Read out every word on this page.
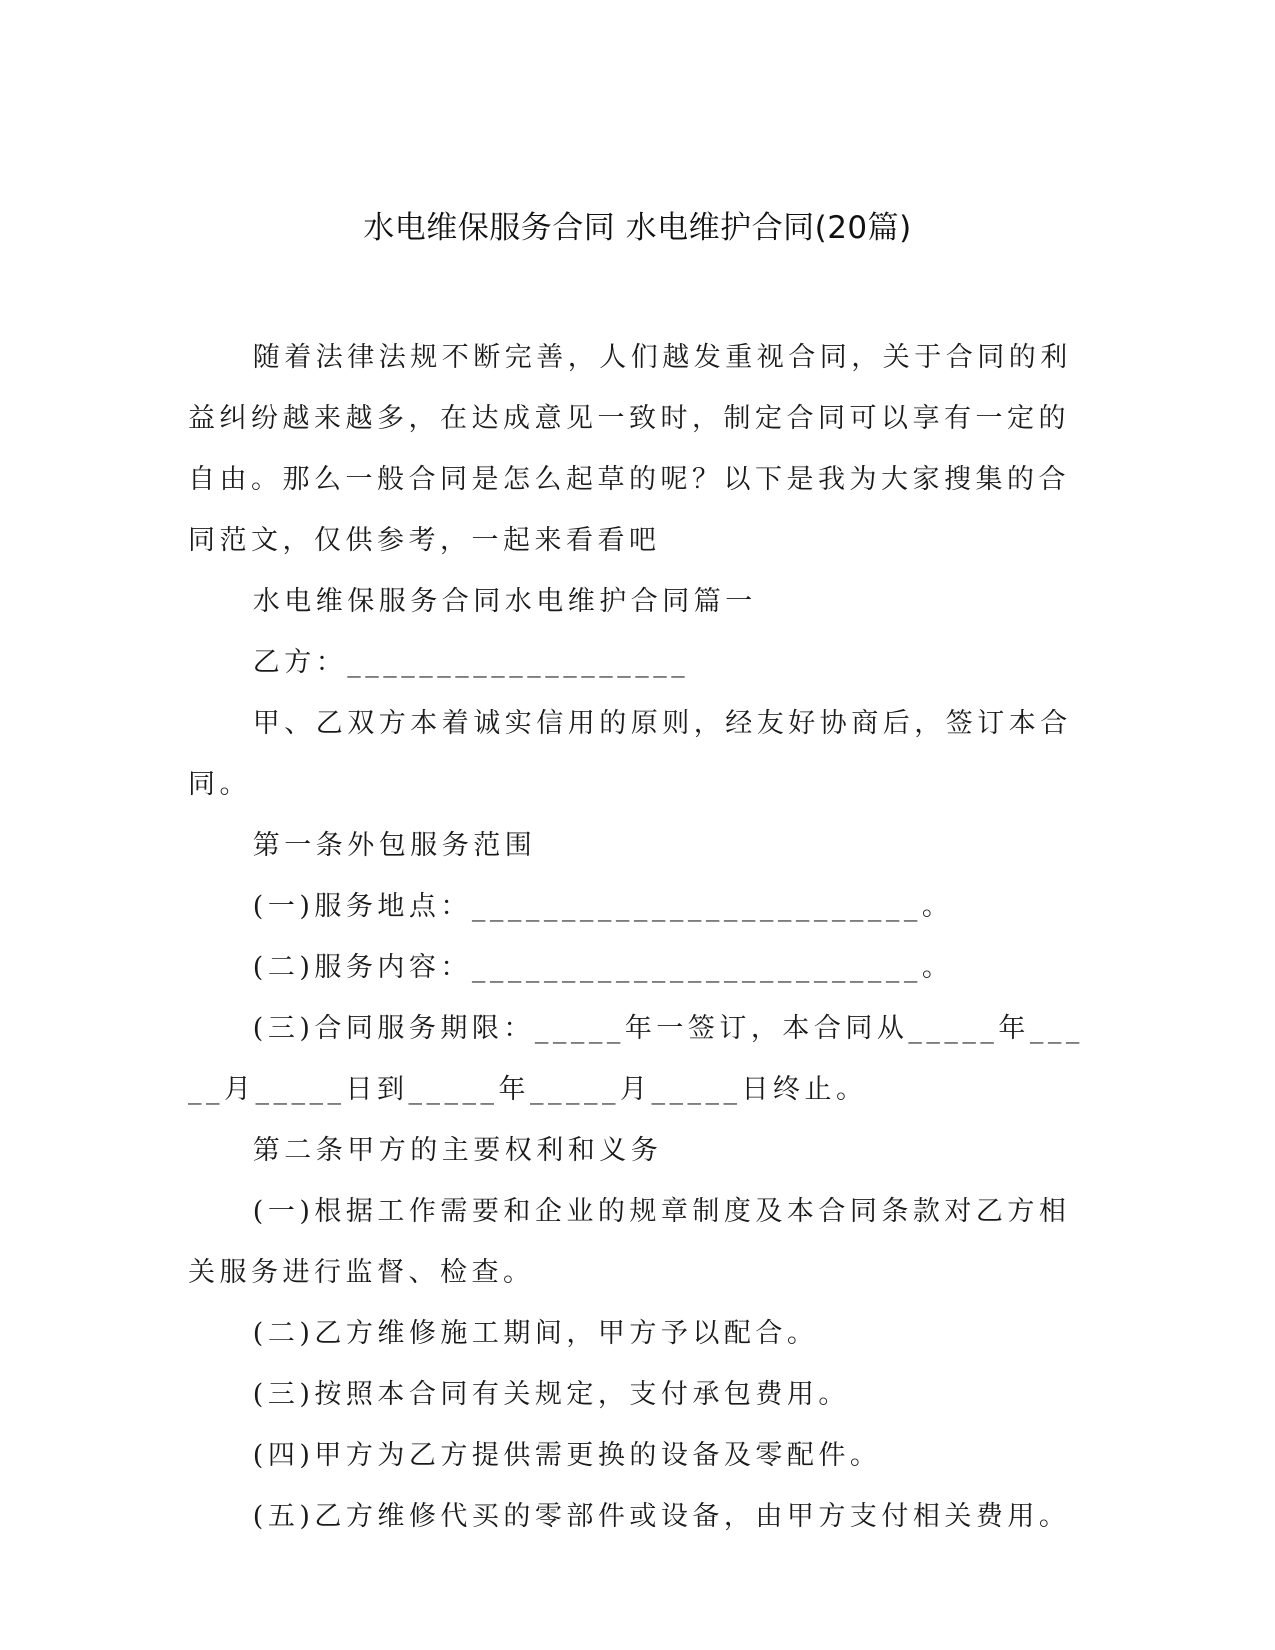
水电维保服务合同 水电维护合同(20篇)

随着法律法规不断完善，人们越发重视合同，关于合同的利益纠纷越来越多，在达成意见一致时，制定合同可以享有一定的自由。那么一般合同是怎么起草的呢？以下是我为大家搜集的合同范文，仅供参考，一起来看看吧

水电维保服务合同水电维护合同篇一

乙方：___________________

甲、乙双方本着诚实信用的原则，经友好协商后，签订本合同。

第一条外包服务范围

(一)服务地点：_________________________。

(二)服务内容：_________________________。

(三)合同服务期限：_____年一签订，本合同从_____年_____月_____日到_____年_____月_____日终止。

第二条甲方的主要权利和义务

(一)根据工作需要和企业的规章制度及本合同条款对乙方相关服务进行监督、检查。

(二)乙方维修施工期间，甲方予以配合。

(三)按照本合同有关规定，支付承包费用。

(四)甲方为乙方提供需更换的设备及零配件。

(五)乙方维修代买的零部件或设备，由甲方支付相关费用。
